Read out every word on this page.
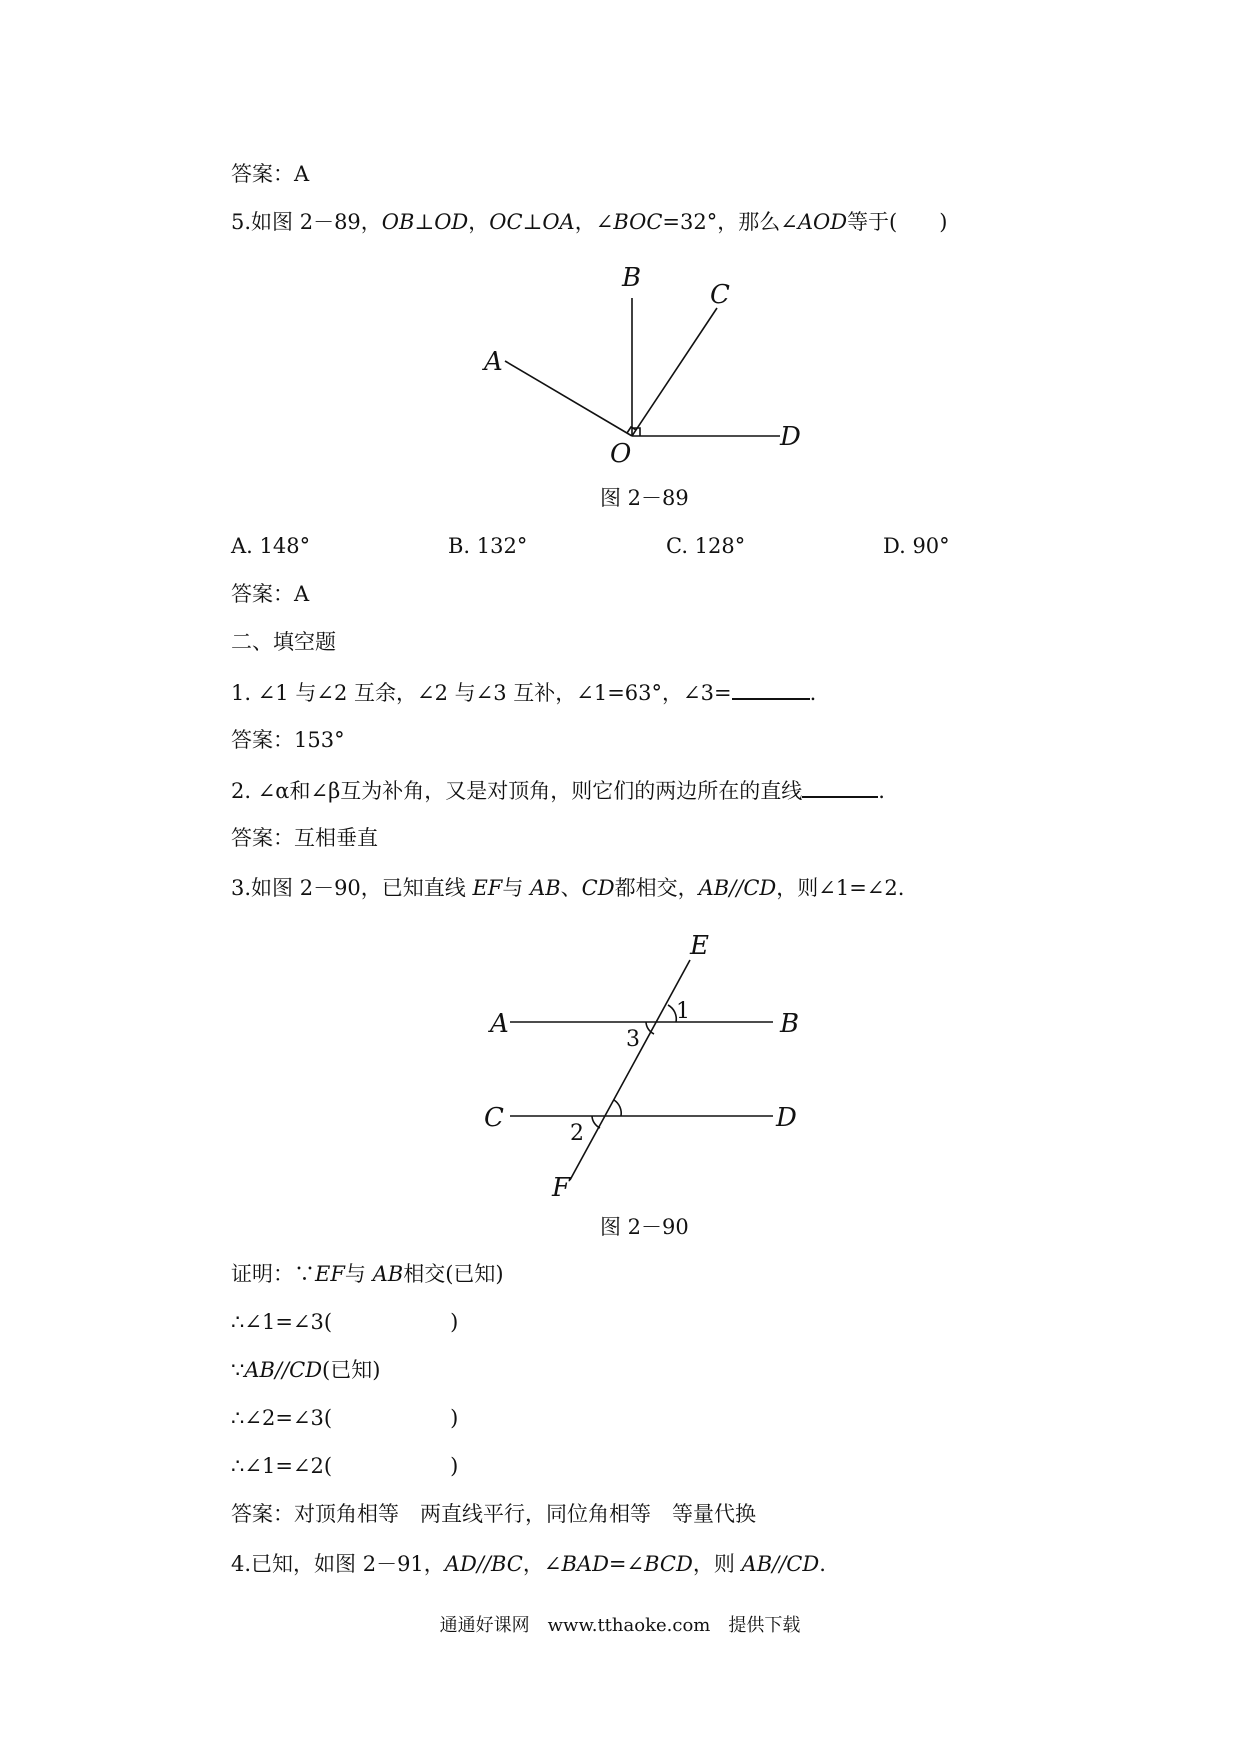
答案：A
5.如图 2－89，OB⊥OD，OC⊥OA，∠BOC=32°，那么∠AOD等于(　　)
A
B
C
D
O
图 2－89
A. 148°	B. 132°	C. 128°	D. 90°
答案：A
二、填空题
1. ∠1 与∠2 互余，∠2 与∠3 互补，∠1=63°，∠3=	.
答案：153°
2. ∠α和∠β互为补角，又是对顶角，则它们的两边所在的直线	.
答案：互相垂直
3.如图 2－90，已知直线 EF与 AB、CD都相交，AB//CD，则∠1=∠2.
A	B
C	D
E
F
1
3
2
图 2－90
证明：∵EF与 AB相交(已知)
∴∠1=∠3(	)
∵AB//CD(已知)
∴∠2=∠3(	)
∴∠1=∠2(	)
答案：对顶角相等　两直线平行，同位角相等　等量代换
4.已知，如图 2－91，AD//BC，∠BAD=∠BCD，则 AB//CD.
通通好课网　www.tthaoke.com　提供下载
